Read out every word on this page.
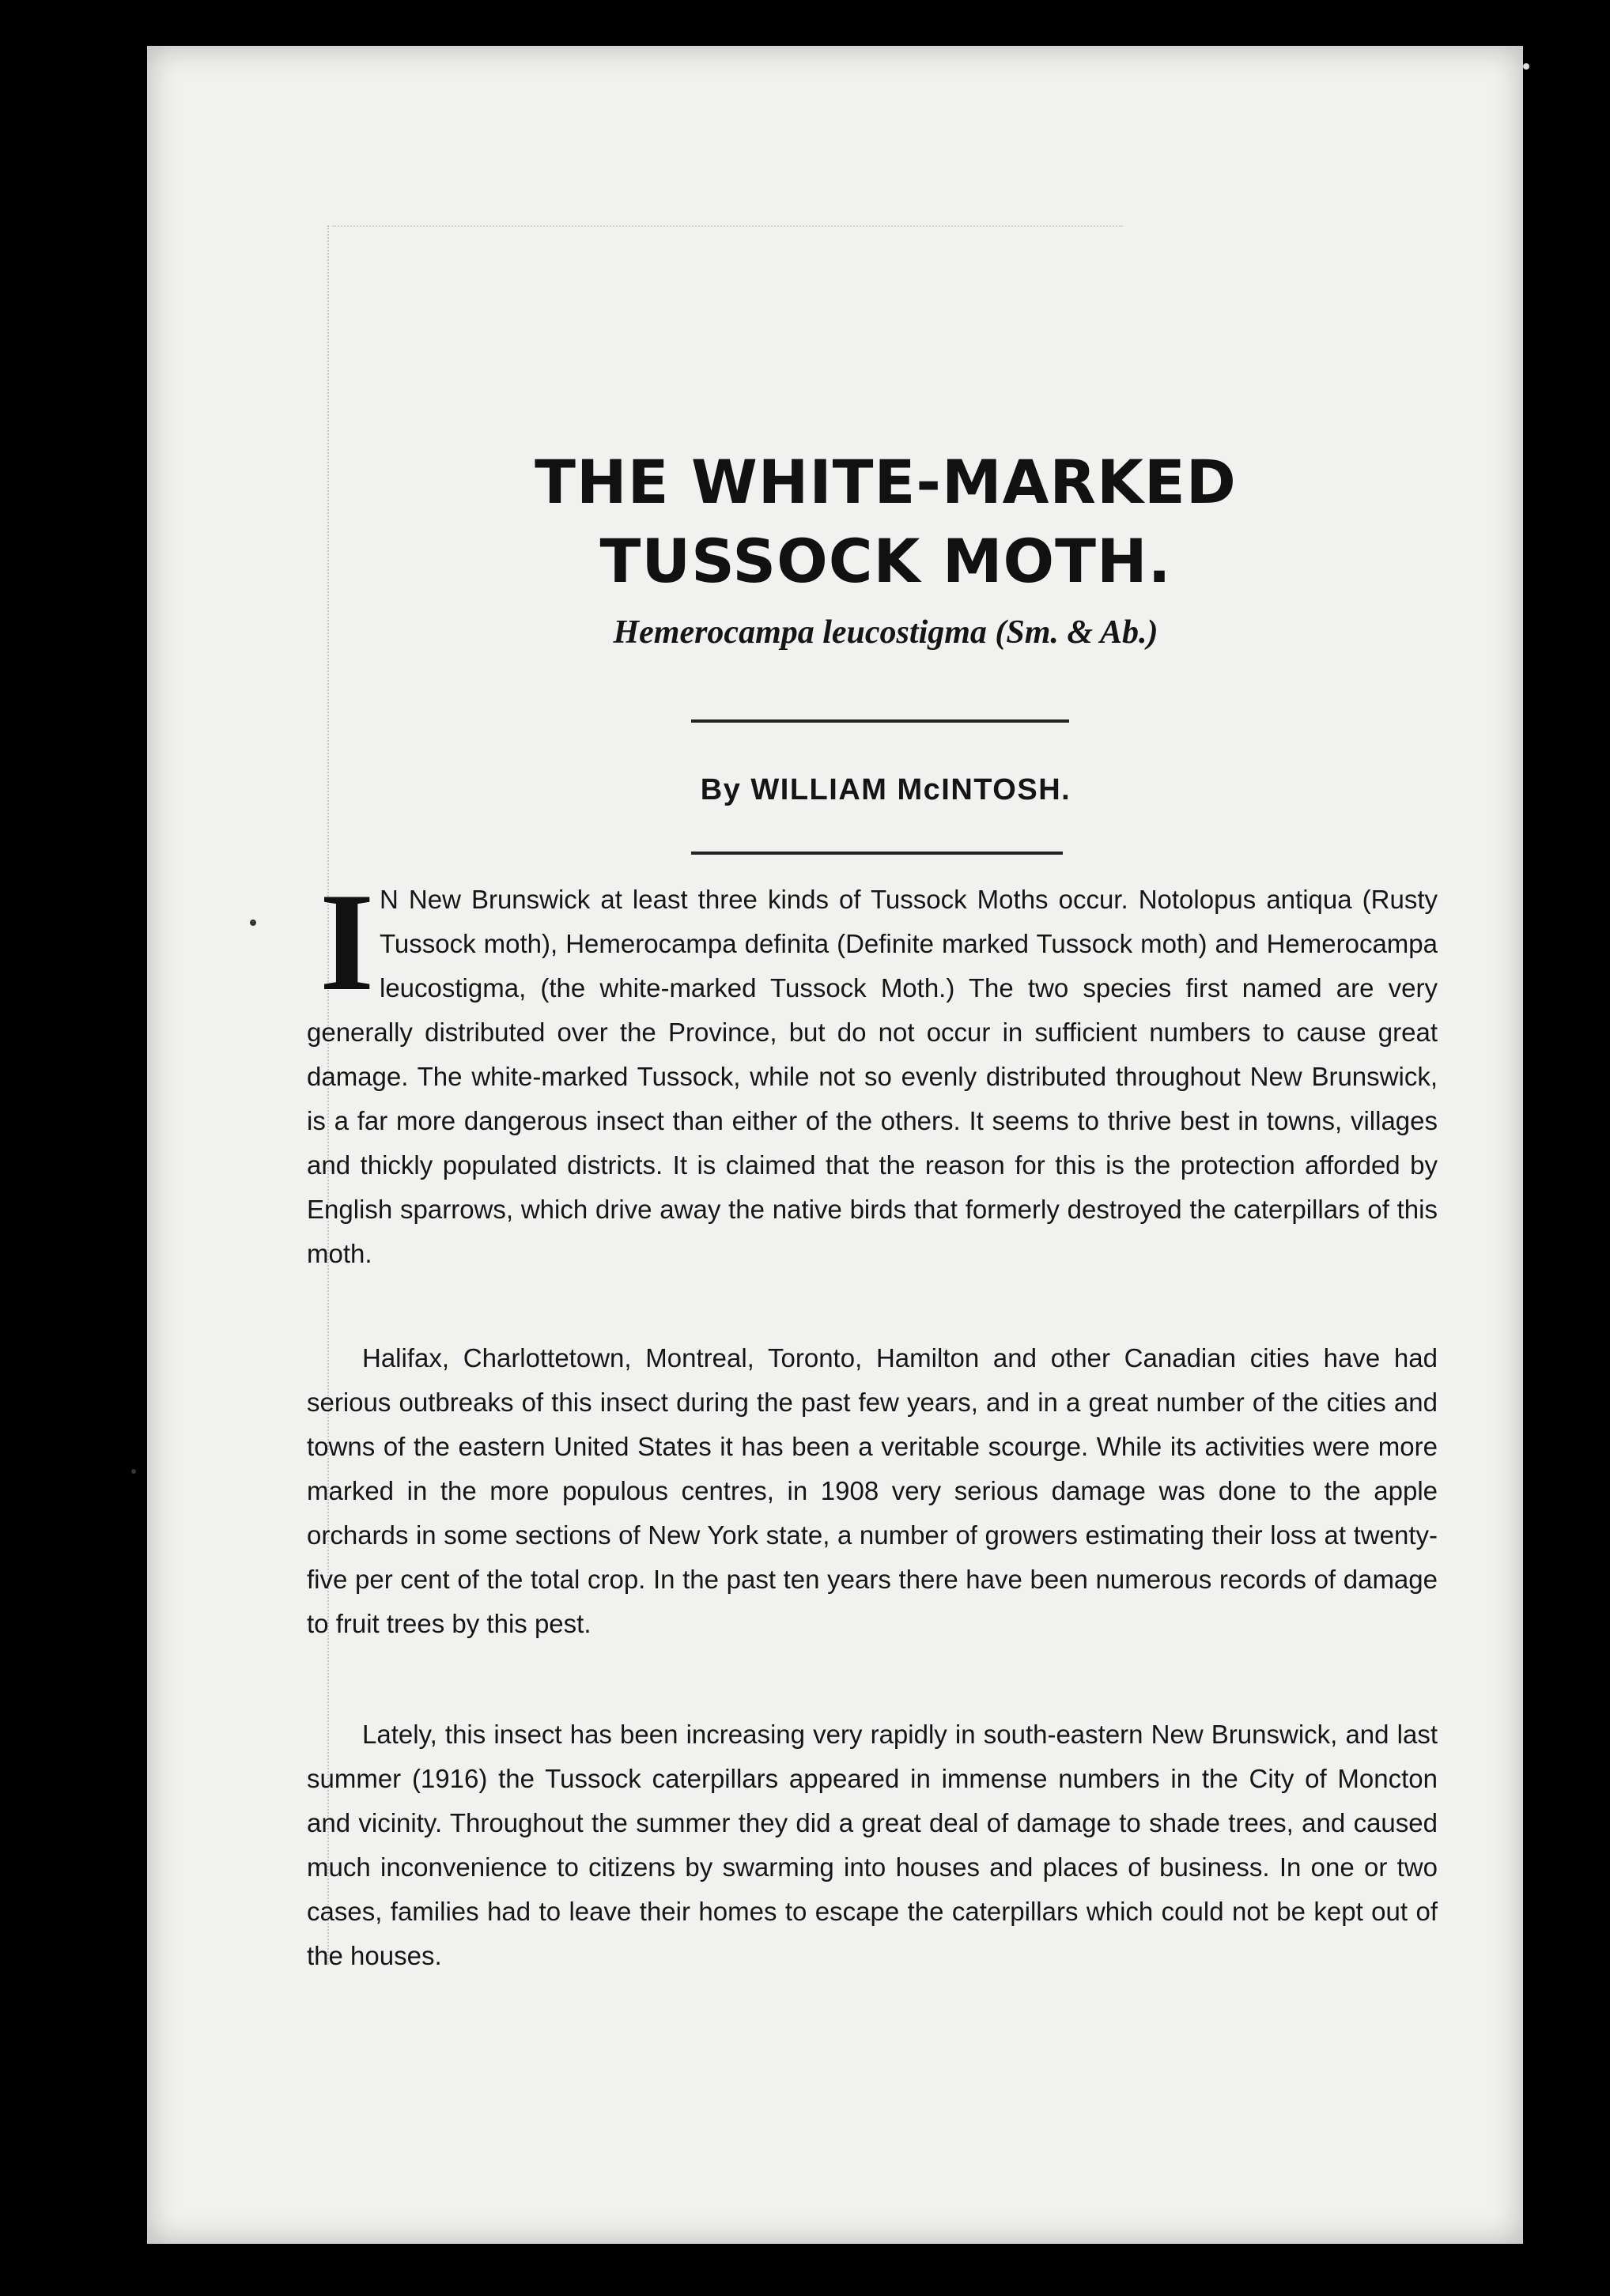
THE WHITE-MARKED
TUSSOCK MOTH.

Hemerocampa leucostigma (Sm. & Ab.)

By WILLIAM McINTOSH.

I N New Brunswick at least three kinds of Tussock Moths occur. Notolopus antiqua (Rusty Tussock moth), Hemerocampa definita (Definite marked Tussock moth) and Hemerocampa leucostigma, (the white-marked Tussock Moth.) The two species first named are very generally distributed over the Province, but do not occur in sufficient numbers to cause great damage. The white-marked Tussock, while not so evenly distributed throughout New Brunswick, is a far more dangerous insect than either of the others. It seems to thrive best in towns, villages and thickly populated districts. It is claimed that the reason for this is the protection afforded by English sparrows, which drive away the native birds that formerly destroyed the caterpillars of this moth.

Halifax, Charlottetown, Montreal, Toronto, Hamilton and other Canadian cities have had serious outbreaks of this insect during the past few years, and in a great number of the cities and towns of the eastern United States it has been a veritable scourge. While its activities were more marked in the more populous centres, in 1908 very serious damage was done to the apple orchards in some sections of New York state, a number of growers estimating their loss at twenty-five per cent of the total crop. In the past ten years there have been numerous records of damage to fruit trees by this pest.

Lately, this insect has been increasing very rapidly in south-eastern New Brunswick, and last summer (1916) the Tussock caterpillars appeared in immense numbers in the City of Moncton and vicinity. Throughout the summer they did a great deal of damage to shade trees, and caused much inconvenience to citizens by swarming into houses and places of business. In one or two cases, families had to leave their homes to escape the caterpillars which could not be kept out of the houses.
